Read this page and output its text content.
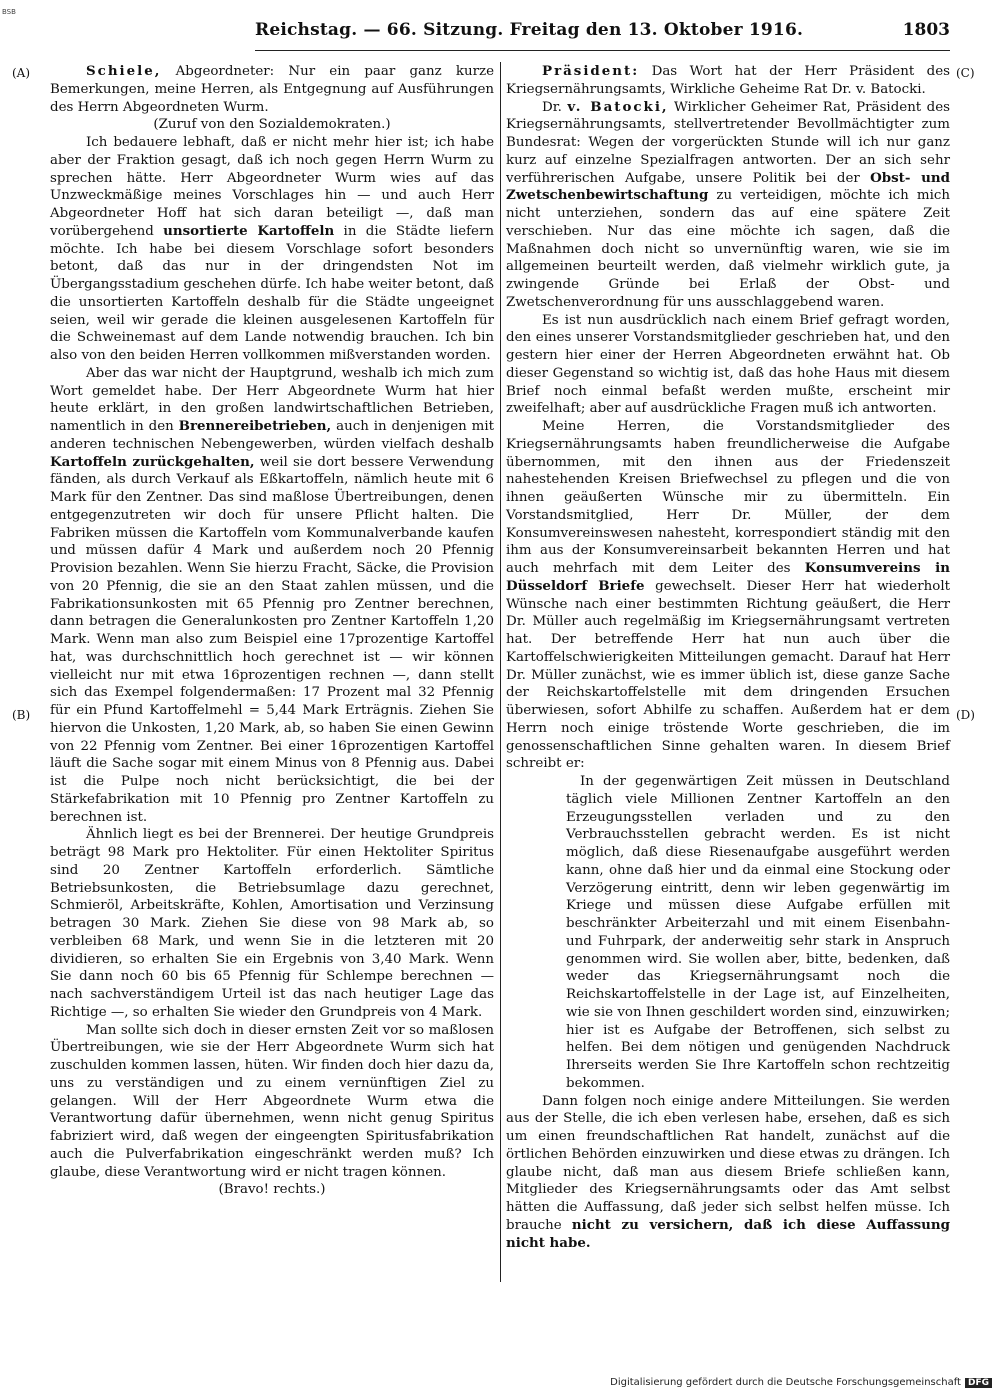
BSB
Reichstag. — 66. Sitzung. Freitag den 13. Oktober 1916.	1803
(A)
(B)
(C)
(D)

Schiele, Abgeordneter: Nur ein paar ganz kurze Bemerkungen, meine Herren, als Entgegnung auf Ausführungen des Herrn Abgeordneten Wurm.

(Zuruf von den Sozialdemokraten.)

Ich bedauere lebhaft, daß er nicht mehr hier ist; ich habe aber der Fraktion gesagt, daß ich noch gegen Herrn Wurm zu sprechen hätte. Herr Abgeordneter Wurm wies auf das Unzweckmäßige meines Vorschlages hin — und auch Herr Abgeordneter Hoff hat sich daran beteiligt —, daß man vorübergehend unsortierte Kartoffeln in die Städte liefern möchte. Ich habe bei diesem Vorschlage sofort besonders betont, daß das nur in der dringendsten Not im Übergangsstadium geschehen dürfe. Ich habe weiter betont, daß die unsortierten Kartoffeln deshalb für die Städte ungeeignet seien, weil wir gerade die kleinen ausgelesenen Kartoffeln für die Schweinemast auf dem Lande notwendig brauchen. Ich bin also von den beiden Herren vollkommen mißverstanden worden.

Aber das war nicht der Hauptgrund, weshalb ich mich zum Wort gemeldet habe. Der Herr Abgeordnete Wurm hat hier heute erklärt, in den großen landwirtschaftlichen Betrieben, namentlich in den Brennereibetrieben, auch in denjenigen mit anderen technischen Nebengewerben, würden vielfach deshalb Kartoffeln zurückgehalten, weil sie dort bessere Verwendung fänden, als durch Verkauf als Eßkartoffeln, nämlich heute mit 6 Mark für den Zentner. Das sind maßlose Übertreibungen, denen entgegenzutreten wir doch für unsere Pflicht halten. Die Fabriken müssen die Kartoffeln vom Kommunalverbande kaufen und müssen dafür 4 Mark und außerdem noch 20 Pfennig Provision bezahlen. Wenn Sie hierzu Fracht, Säcke, die Provision von 20 Pfennig, die sie an den Staat zahlen müssen, und die Fabrikationsunkosten mit 65 Pfennig pro Zentner berechnen, dann betragen die Generalunkosten pro Zentner Kartoffeln 1,20 Mark. Wenn man also zum Beispiel eine 17prozentige Kartoffel hat, was durchschnittlich hoch gerechnet ist — wir können vielleicht nur mit etwa 16prozentigen rechnen —, dann stellt sich das Exempel folgendermaßen: 17 Prozent mal 32 Pfennig für ein Pfund Kartoffelmehl = 5,44 Mark Erträgnis. Ziehen Sie hiervon die Unkosten, 1,20 Mark, ab, so haben Sie einen Gewinn von 22 Pfennig vom Zentner. Bei einer 16prozentigen Kartoffel läuft die Sache sogar mit einem Minus von 8 Pfennig aus. Dabei ist die Pulpe noch nicht berücksichtigt, die bei der Stärkefabrikation mit 10 Pfennig pro Zentner Kartoffeln zu berechnen ist.

Ähnlich liegt es bei der Brennerei. Der heutige Grundpreis beträgt 98 Mark pro Hektoliter. Für einen Hektoliter Spiritus sind 20 Zentner Kartoffeln erforderlich. Sämtliche Betriebsunkosten, die Betriebsumlage dazu gerechnet, Schmieröl, Arbeitskräfte, Kohlen, Amortisation und Verzinsung betragen 30 Mark. Ziehen Sie diese von 98 Mark ab, so verbleiben 68 Mark, und wenn Sie in die letzteren mit 20 dividieren, so erhalten Sie ein Ergebnis von 3,40 Mark. Wenn Sie dann noch 60 bis 65 Pfennig für Schlempe berechnen — nach sachverständigem Urteil ist das nach heutiger Lage das Richtige —, so erhalten Sie wieder den Grundpreis von 4 Mark.

Man sollte sich doch in dieser ernsten Zeit vor so maßlosen Übertreibungen, wie sie der Herr Abgeordnete Wurm sich hat zuschulden kommen lassen, hüten. Wir finden doch hier dazu da, uns zu verständigen und zu einem vernünftigen Ziel zu gelangen. Will der Herr Abgeordnete Wurm etwa die Verantwortung dafür übernehmen, wenn nicht genug Spiritus fabriziert wird, daß wegen der eingeengten Spiritusfabrikation auch die Pulverfabrikation eingeschränkt werden muß? Ich glaube, diese Verantwortung wird er nicht tragen können.

(Bravo! rechts.)

Präsident: Das Wort hat der Herr Präsident des Kriegsernährungsamts, Wirkliche Geheime Rat Dr. v. Batocki.

Dr. v. Batocki, Wirklicher Geheimer Rat, Präsident des Kriegsernährungsamts, stellvertretender Bevollmächtigter zum Bundesrat: Wegen der vorgerückten Stunde will ich nur ganz kurz auf einzelne Spezialfragen antworten. Der an sich sehr verführerischen Aufgabe, unsere Politik bei der Obst- und Zwetschenbewirtschaftung zu verteidigen, möchte ich mich nicht unterziehen, sondern das auf eine spätere Zeit verschieben. Nur das eine möchte ich sagen, daß die Maßnahmen doch nicht so unvernünftig waren, wie sie im allgemeinen beurteilt werden, daß vielmehr wirklich gute, ja zwingende Gründe bei Erlaß der Obst- und Zwetschenverordnung für uns ausschlaggebend waren.

Es ist nun ausdrücklich nach einem Brief gefragt worden, den eines unserer Vorstandsmitglieder geschrieben hat, und den gestern hier einer der Herren Abgeordneten erwähnt hat. Ob dieser Gegenstand so wichtig ist, daß das hohe Haus mit diesem Brief noch einmal befaßt werden mußte, erscheint mir zweifelhaft; aber auf ausdrückliche Fragen muß ich antworten.

Meine Herren, die Vorstandsmitglieder des Kriegsernährungsamts haben freundlicherweise die Aufgabe übernommen, mit den ihnen aus der Friedenszeit nahestehenden Kreisen Briefwechsel zu pflegen und die von ihnen geäußerten Wünsche mir zu übermitteln. Ein Vorstandsmitglied, Herr Dr. Müller, der dem Konsumvereinswesen nahesteht, korrespondiert ständig mit den ihm aus der Konsumvereinsarbeit bekannten Herren und hat auch mehrfach mit dem Leiter des Konsumvereins in Düsseldorf Briefe gewechselt. Dieser Herr hat wiederholt Wünsche nach einer bestimmten Richtung geäußert, die Herr Dr. Müller auch regelmäßig im Kriegsernährungsamt vertreten hat. Der betreffende Herr hat nun auch über die Kartoffelschwierigkeiten Mitteilungen gemacht. Darauf hat Herr Dr. Müller zunächst, wie es immer üblich ist, diese ganze Sache der Reichskartoffelstelle mit dem dringenden Ersuchen überwiesen, sofort Abhilfe zu schaffen. Außerdem hat er dem Herrn noch einige tröstende Worte geschrieben, die im genossenschaftlichen Sinne gehalten waren. In diesem Brief schreibt er:

In der gegenwärtigen Zeit müssen in Deutschland täglich viele Millionen Zentner Kartoffeln an den Erzeugungsstellen verladen und zu den Verbrauchsstellen gebracht werden. Es ist nicht möglich, daß diese Riesenaufgabe ausgeführt werden kann, ohne daß hier und da einmal eine Stockung oder Verzögerung eintritt, denn wir leben gegenwärtig im Kriege und müssen diese Aufgabe erfüllen mit beschränkter Arbeiterzahl und mit einem Eisenbahn- und Fuhrpark, der anderweitig sehr stark in Anspruch genommen wird. Sie wollen aber, bitte, bedenken, daß weder das Kriegsernährungsamt noch die Reichskartoffelstelle in der Lage ist, auf Einzelheiten, wie sie von Ihnen geschildert worden sind, einzuwirken; hier ist es Aufgabe der Betroffenen, sich selbst zu helfen. Bei dem nötigen und genügenden Nachdruck Ihrerseits werden Sie Ihre Kartoffeln schon rechtzeitig bekommen.

Dann folgen noch einige andere Mitteilungen. Sie werden aus der Stelle, die ich eben verlesen habe, ersehen, daß es sich um einen freundschaftlichen Rat handelt, zunächst auf die örtlichen Behörden einzuwirken und diese etwas zu drängen. Ich glaube nicht, daß man aus diesem Briefe schließen kann, Mitglieder des Kriegsernährungsamts oder das Amt selbst hätten die Auffassung, daß jeder sich selbst helfen müsse. Ich brauche nicht zu versichern, daß ich diese Auffassung nicht habe.

Digitalisierung gefördert durch die Deutsche Forschungsgemeinschaft DFG
